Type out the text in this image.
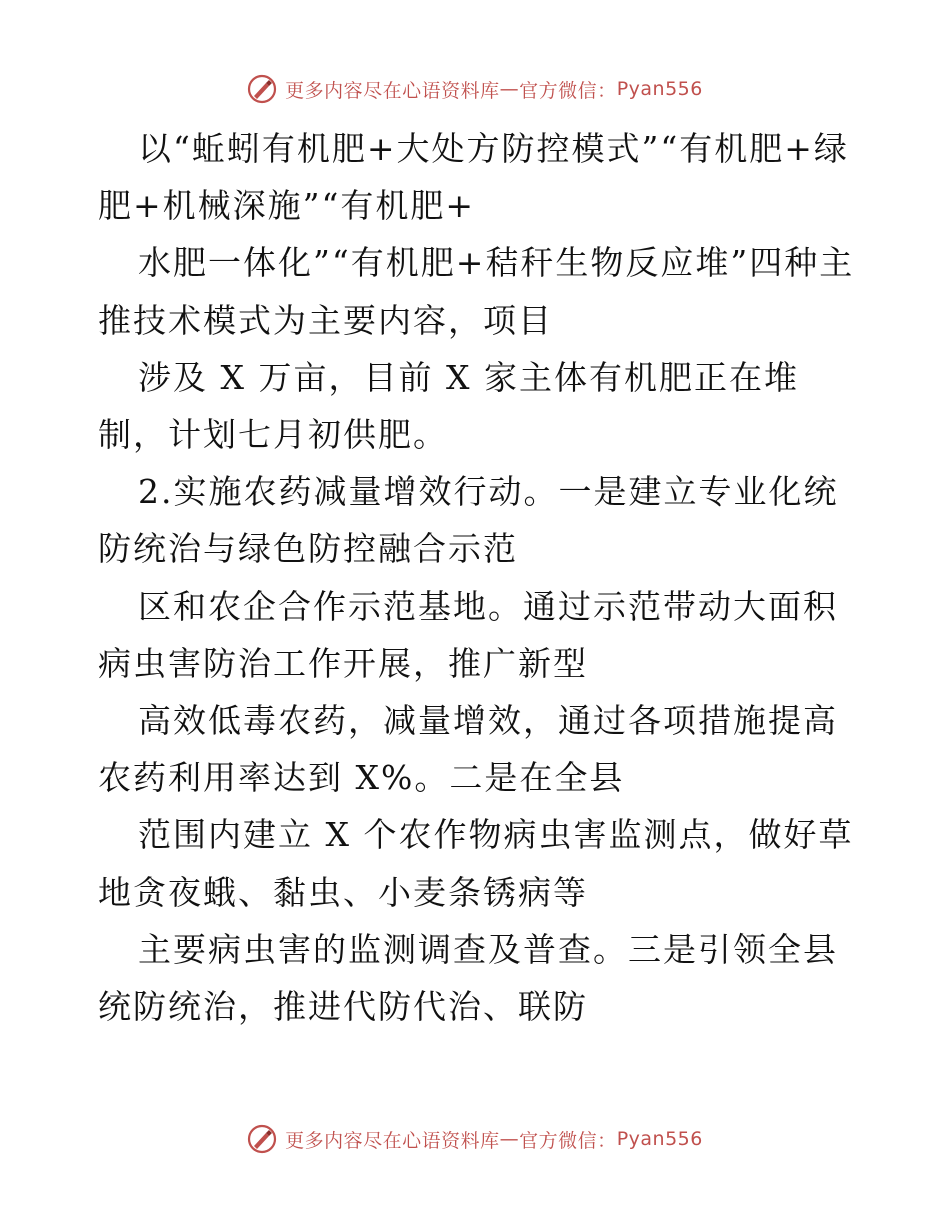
更多内容尽在心语资料库 — 官方微信： Pyan556

以“蚯蚓有机肥+大处方防控模式”“有机肥+绿肥+机械深施”“有机肥+

水肥一体化”“有机肥+秸秆生物反应堆”四种主推技术模式为主要内容，项目

涉及 X 万亩，目前 X 家主体有机肥正在堆制，计划七月初供肥。

2.实施农药减量增效行动。一是建立专业化统防统治与绿色防控融合示范

区和农企合作示范基地。通过示范带动大面积病虫害防治工作开展，推广新型

高效低毒农药，减量增效，通过各项措施提高农药利用率达到 X%。二是在全县

范围内建立 X 个农作物病虫害监测点，做好草地贪夜蛾、黏虫、小麦条锈病等

主要病虫害的监测调查及普查。三是引领全县统防统治，推进代防代治、联防

更多内容尽在心语资料库 — 官方微信： Pyan556
